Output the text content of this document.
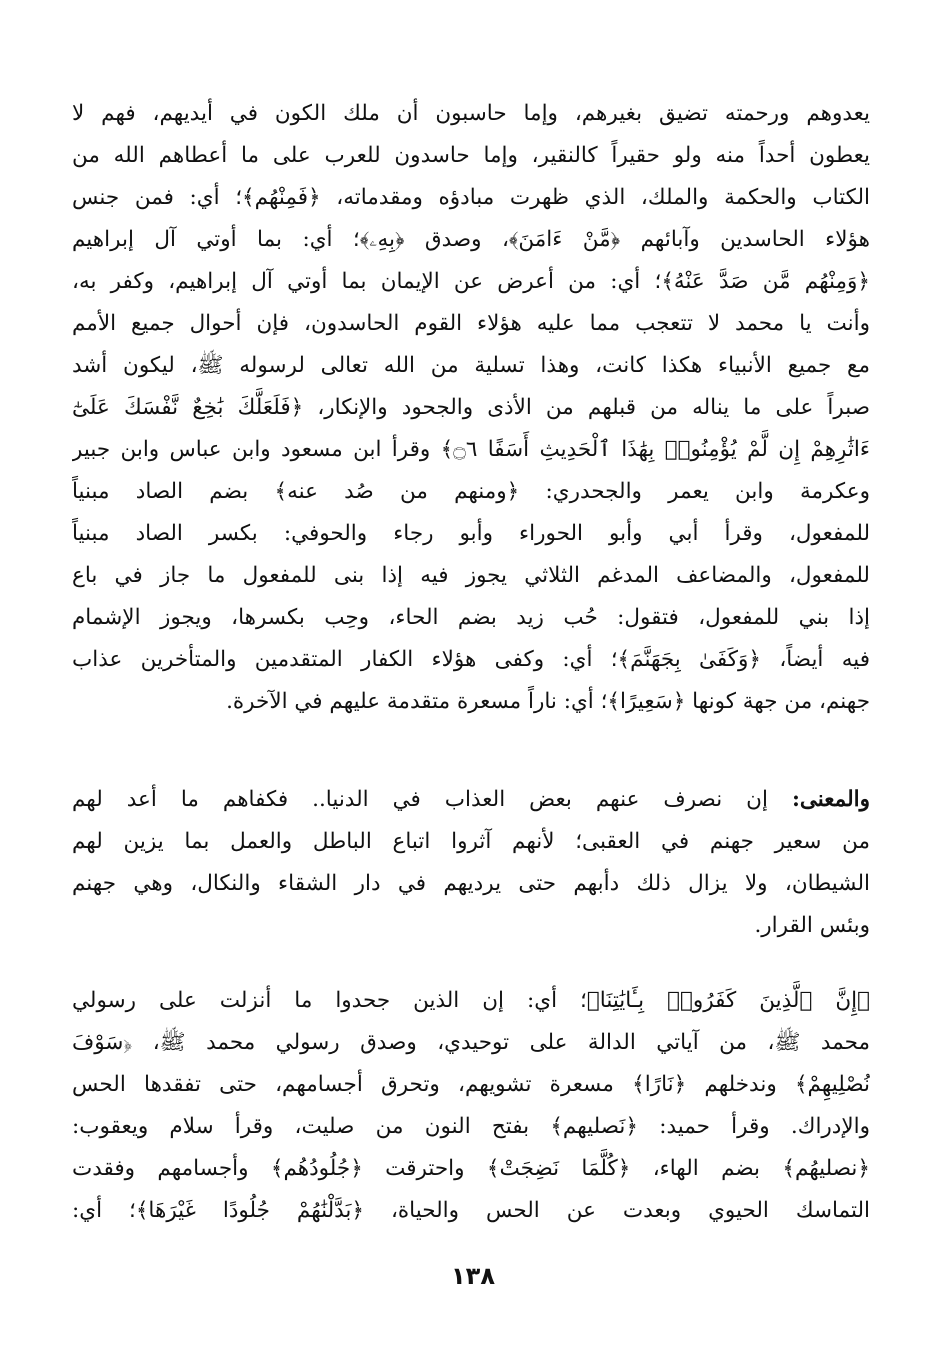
يعدوهم ورحمته تضيق بغيرهم، وإما حاسبون أن ملك الكون في أيديهم، فهم لا
يعطون أحداً منه ولو حقيراً كالنقير، وإما حاسدون للعرب على ما أعطاهم الله من
الكتاب والحكمة والملك، الذي ظهرت مبادؤه ومقدماته، ﴿فَمِنْهُم﴾؛ أي: فمن جنس
هؤلاء الحاسدين وآبائهم ﴿مَّنْ ءَامَنَ﴾، وصدق ﴿بِهِۦ﴾؛ أي: بما أوتي آل إبراهيم
﴿وَمِنْهُم مَّن صَدَّ عَنْهُ﴾؛ أي: من أعرض عن الإيمان بما أوتي آل إبراهيم، وكفر به،
وأنت يا محمد لا تتعجب مما عليه هؤلاء القوم الحاسدون، فإن أحوال جميع الأمم
مع جميع الأنبياء هكذا كانت، وهذا تسلية من الله تعالى لرسوله ﷺ، ليكون أشد
صبراً على ما يناله من قبلهم من الأذى والجحود والإنكار، ﴿فَلَعَلَّكَ بَٰخِعٌ نَّفْسَكَ عَلَىٰٓ
ءَاثَٰرِهِمْ إِن لَّمْ يُؤْمِنُوا۟ بِهَٰذَا ٱلْحَدِيثِ أَسَفًا ۝٦﴾ وقرأ ابن مسعود وابن عباس وابن جبير
وعكرمة وابن يعمر والجحدري: ﴿ومنهم من صُد عنه﴾ بضم الصاد مبنياً
للمفعول، وقرأ أبي وأبو الحوراء وأبو رجاء والحوفي: بكسر الصاد مبنياً
للمفعول، والمضاعف المدغم الثلاثي يجوز فيه إذا بنى للمفعول ما جاز في باع
إذا بني للمفعول، فتقول: حُب زيد بضم الحاء، وحِب بكسرها، ويجوز الإشمام
فيه أيضاً، ﴿وَكَفَىٰ بِجَهَنَّمَ﴾؛ أي: وكفى هؤلاء الكفار المتقدمين والمتأخرين عذاب
جهنم، من جهة كونها ﴿سَعِيرًا﴾؛ أي: ناراً مسعرة متقدمة عليهم في الآخرة.
والمعنى: إن نصرف عنهم بعض العذاب في الدنيا.. فكفاهم ما أعد لهم
من سعير جهنم في العقبى؛ لأنهم آثروا اتباع الباطل والعمل بما يزين لهم
الشيطان، ولا يزال ذلك دأبهم حتى يرديهم في دار الشقاء والنكال، وهي جهنم
وبئس القرار.
﴿إِنَّ ٱلَّذِينَ كَفَرُوا۟ بِـَٔايَٰتِنَا﴾؛ أي: إن الذين جحدوا ما أنزلت على رسولي
محمد ﷺ، من آياتي الدالة على توحيدي، وصدق رسولي محمد ﷺ، ﴿سَوْفَ
نُصْلِيهِمْ﴾ وندخلهم ﴿نَارًا﴾ مسعرة تشويهم، وتحرق أجسامهم، حتى تفقدها الحس
والإدراك. وقرأ حميد: ﴿نَصليهم﴾ بفتح النون من صليت، وقرأ سلام ويعقوب:
﴿نصليهُم﴾ بضم الهاء، ﴿كُلَّمَا نَضِجَتْ﴾ واحترقت ﴿جُلُودُهُم﴾ وأجسامهم وفقدت
التماسك الحيوي وبعدت عن الحس والحياة، ﴿بَدَّلْنَٰهُمْ جُلُودًا غَيْرَهَا﴾؛ أي:
١٣٨
